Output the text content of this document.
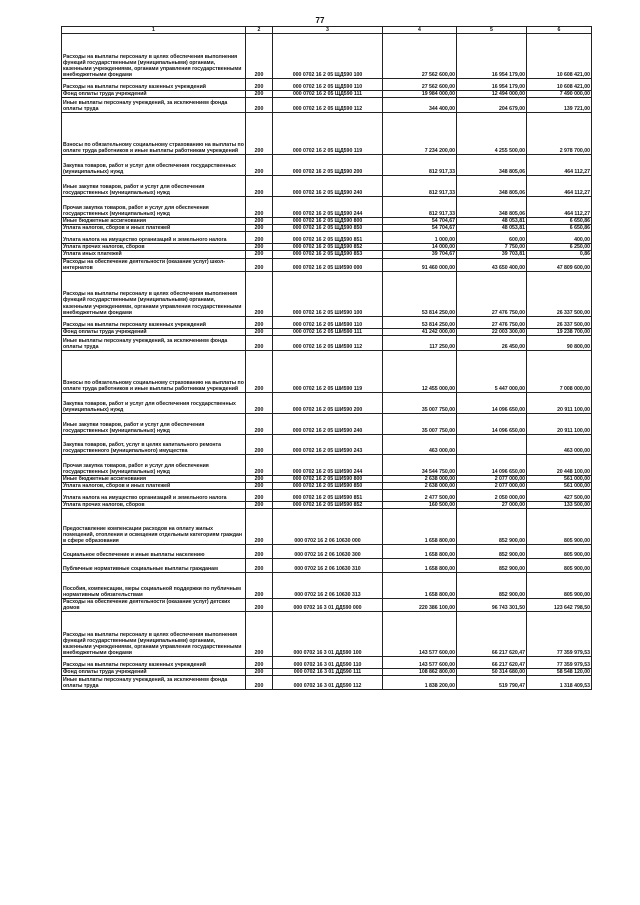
77
1	2	3	4	5	6
Расходы на выплаты персоналу в целях обеспечения выполнения функций государственными (муниципальными) органами, казенными учреждениями, органами управления государственными внебюджетными фондами	200	000 0702 16 2 05 ЩД590 100	27 562 600,00	16 954 179,00	10 608 421,00
Расходы на выплаты персоналу казенных учреждений	200	000 0702 16 2 05 ЩД590 110	27 562 600,00	16 954 179,00	10 608 421,00
Фонд оплаты труда учреждений	200	000 0702 16 2 05 ЩД590 111	19 984 000,00	12 494 000,00	7 490 000,00
Иные выплаты персоналу учреждений, за исключением фонда оплаты труда	200	000 0702 16 2 05 ЩД590 112	344 400,00	204 679,00	139 721,00
Взносы по обязательному социальному страхованию на выплаты по оплате труда работников и иные выплаты работникам учреждений	200	000 0702 16 2 05 ЩД590 119	7 234 200,00	4 255 500,00	2 978 700,00
Закупка товаров, работ и услуг для обеспечения государственных (муниципальных) нужд	200	000 0702 16 2 05 ЩД590 200	812 917,33	348 805,06	464 112,27
Иные закупки товаров, работ и услуг для обеспечения государственных (муниципальных) нужд	200	000 0702 16 2 05 ЩД590 240	812 917,33	348 805,06	464 112,27
Прочая закупка товаров, работ и услуг для обеспечения государственных (муниципальных) нужд	200	000 0702 16 2 05 ЩД590 244	812 917,33	348 805,06	464 112,27
Иные бюджетные ассигнования	200	000 0702 16 2 05 ЩД590 800	54 704,67	48 053,81	6 650,86
Уплата налогов, сборов и иных платежей	200	000 0702 16 2 05 ЩД590 850	54 704,67	48 053,81	6 650,86
Уплата налога на имущество организаций и земельного налога	200	000 0702 16 2 05 ЩД590 851	1 000,00	600,00	400,00
Уплата прочих налогов, сборов	200	000 0702 16 2 05 ЩД590 852	14 000,00	7 750,00	6 250,00
Уплата иных платежей	200	000 0702 16 2 05 ЩД590 853	39 704,67	39 703,81	0,86
Расходы на обеспечение деятельности (оказание услуг) школ-интернатов	200	000 0702 16 2 05 ШИ590 000	91 460 000,00	43 650 400,00	47 809 600,00
Расходы на выплаты персоналу в целях обеспечения выполнения функций государственными (муниципальными) органами, казенными учреждениями, органами управления государственными внебюджетными фондами	200	000 0702 16 2 05 ШИ590 100	53 814 250,00	27 476 750,00	26 337 500,00
Расходы на выплаты персоналу казенных учреждений	200	000 0702 16 2 05 ШИ590 110	53 814 250,00	27 476 750,00	26 337 500,00
Фонд оплаты труда учреждений	200	000 0702 16 2 05 ШИ590 111	41 242 000,00	22 003 300,00	19 238 700,00
Иные выплаты персоналу учреждений, за исключением фонда оплаты труда	200	000 0702 16 2 05 ШИ590 112	117 250,00	26 450,00	90 800,00
Взносы по обязательному социальному страхованию на выплаты по оплате труда работников и иные выплаты работникам учреждений	200	000 0702 16 2 05 ШИ590 119	12 455 000,00	5 447 000,00	7 008 000,00
Закупка товаров, работ и услуг для обеспечения государственных (муниципальных) нужд	200	000 0702 16 2 05 ШИ590 200	35 007 750,00	14 096 650,00	20 911 100,00
Иные закупки товаров, работ и услуг для обеспечения государственных (муниципальных) нужд	200	000 0702 16 2 05 ШИ590 240	35 007 750,00	14 096 650,00	20 911 100,00
Закупка товаров, работ, услуг в целях капитального ремонта государственного (муниципального) имущества	200	000 0702 16 2 05 ШИ590 243	463 000,00		463 000,00
Прочая закупка товаров, работ и услуг для обеспечения государственных (муниципальных) нужд	200	000 0702 16 2 05 ШИ590 244	34 544 750,00	14 096 650,00	20 448 100,00
Иные бюджетные ассигнования	200	000 0702 16 2 05 ШИ590 800	2 638 000,00	2 077 000,00	561 000,00
Уплата налогов, сборов и иных платежей	200	000 0702 16 2 05 ШИ590 850	2 638 000,00	2 077 000,00	561 000,00
Уплата налога на имущество организаций и земельного налога	200	000 0702 16 2 05 ШИ590 851	2 477 500,00	2 050 000,00	427 500,00
Уплата прочих налогов, сборов	200	000 0702 16 2 05 ШИ590 852	160 500,00	27 000,00	133 500,00
Предоставление компенсации расходов на оплату жилых помещений, отопления и освещения отдельным категориям граждан в сфере образования	200	000 0702 16 2 06 10630 000	1 658 800,00	852 900,00	805 900,00
Социальное обеспечение и иные выплаты населению	200	000 0702 16 2 06 10630 300	1 658 800,00	852 900,00	805 900,00
Публичные нормативные социальные выплаты гражданам	200	000 0702 16 2 06 10630 310	1 658 800,00	852 900,00	805 900,00
Пособия, компенсации, меры социальной поддержки по публичным нормативным обязательствам	200	000 0702 16 2 06 10630 313	1 658 800,00	852 900,00	805 900,00
Расходы на обеспечение деятельности (оказание услуг) детских домов	200	000 0702 16 3 01 ДД590 000	220 386 100,00	96 743 301,50	123 642 798,50
Расходы на выплаты персоналу в целях обеспечения выполнения функций государственными (муниципальными) органами, казенными учреждениями, органами управления государственными внебюджетными фондами	200	000 0702 16 3 01 ДД590 100	143 577 600,00	66 217 620,47	77 359 979,53
Расходы на выплаты персоналу казенных учреждений	200	000 0702 16 3 01 ДД590 110	143 577 600,00	66 217 620,47	77 359 979,53
Фонд оплаты труда учреждений	200	000 0702 16 3 01 ДД590 111	108 862 800,00	50 314 680,00	58 548 120,00
Иные выплаты персоналу учреждений, за исключением фонда оплаты труда	200	000 0702 16 3 01 ДД590 112	1 838 200,00	519 790,47	1 318 409,53
